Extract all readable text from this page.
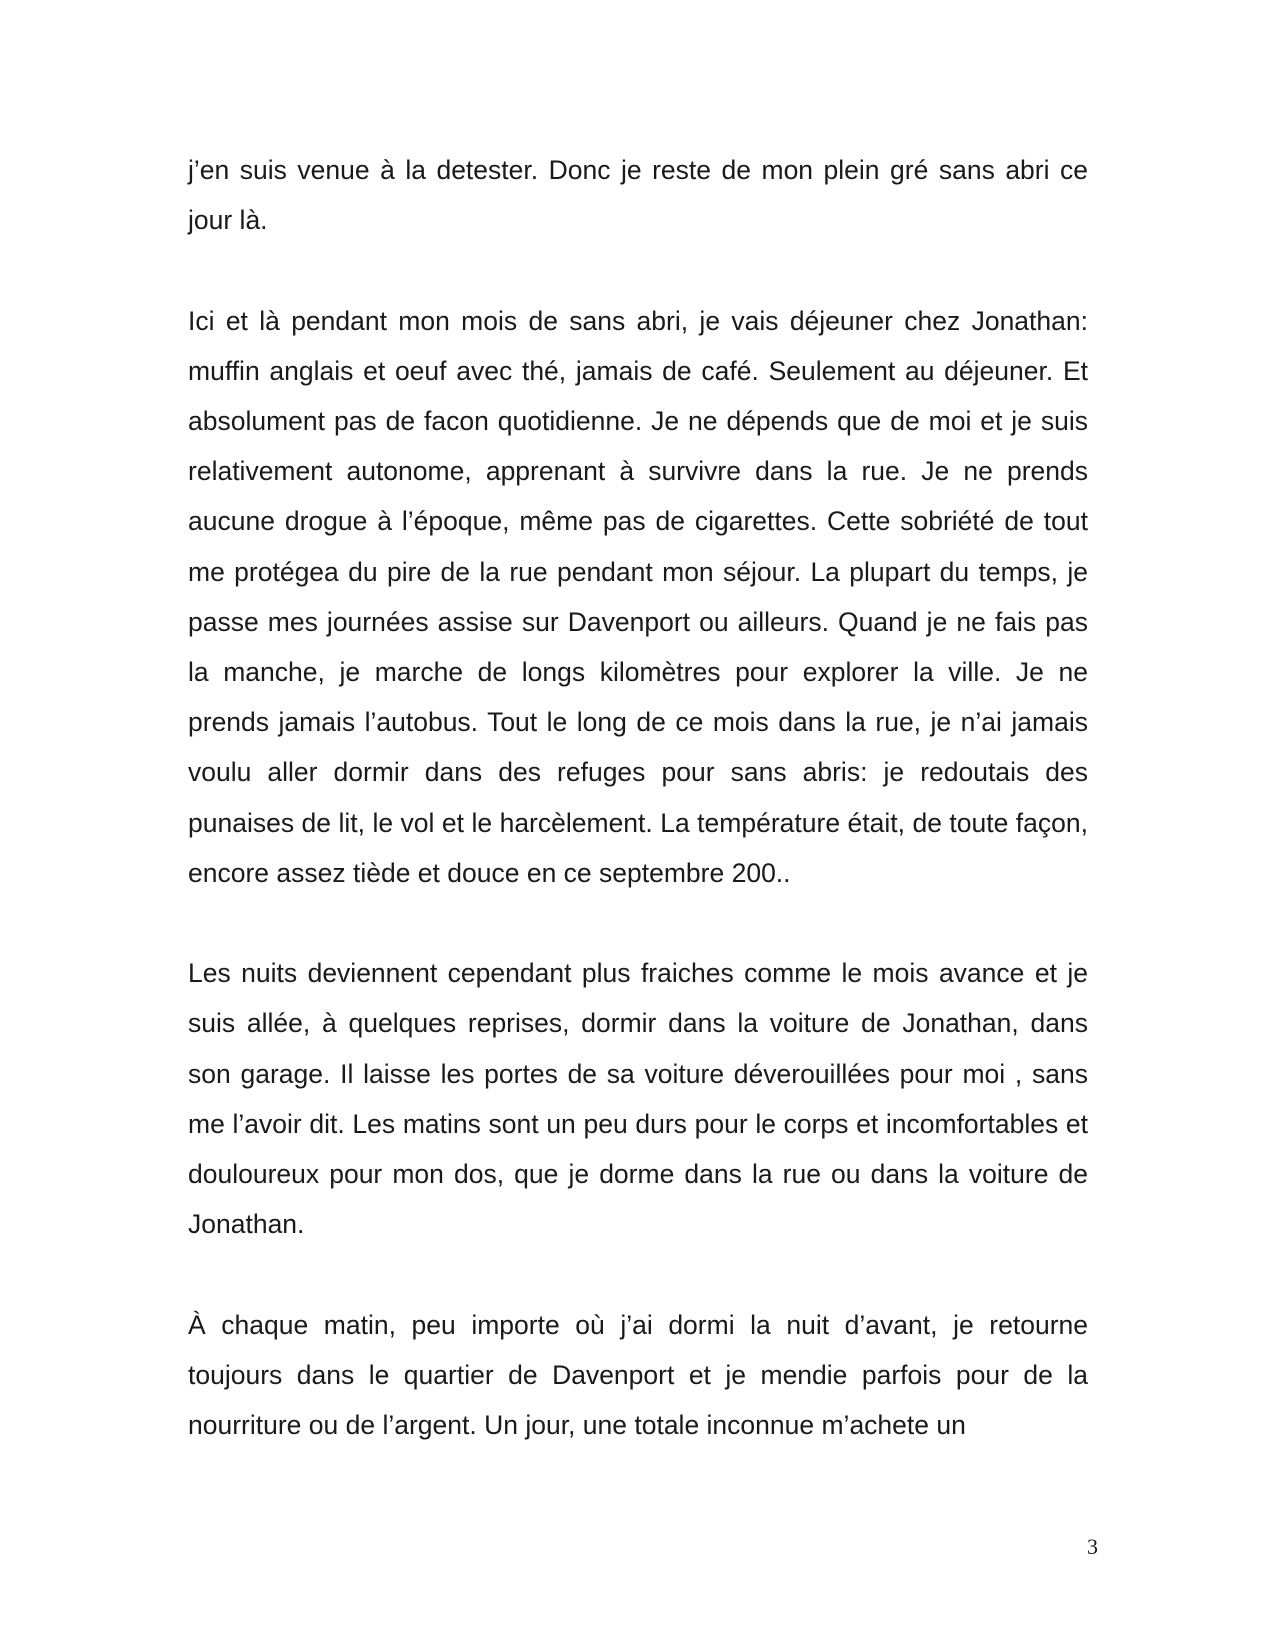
j’en suis venue à la detester. Donc je reste de mon plein gré sans abri ce jour là.

Ici et là pendant mon mois de sans abri, je vais déjeuner chez Jonathan: muffin anglais et oeuf avec thé, jamais de café. Seulement au déjeuner. Et absolument pas de facon quotidienne. Je ne dépends que de moi et je suis relativement autonome, apprenant à survivre dans la rue. Je ne prends aucune drogue à l’époque, même pas de cigarettes. Cette sobriété de tout me protégea du pire de la rue pendant mon séjour. La plupart du temps, je passe mes journées assise sur Davenport ou ailleurs. Quand je ne fais pas la manche, je marche de longs kilomètres pour explorer la ville. Je ne prends jamais l’autobus. Tout le long de ce mois dans la rue, je n’ai jamais voulu aller dormir dans des refuges pour sans abris: je redoutais des punaises de lit, le vol et le harcèlement. La température était, de toute façon, encore assez tiède et douce en ce septembre 200..

Les nuits deviennent cependant plus fraiches comme le mois avance et je suis allée, à quelques reprises, dormir dans la voiture de Jonathan, dans son garage. Il laisse les portes de sa voiture déverouillées pour moi , sans me l’avoir dit. Les matins sont un peu durs pour le corps et incomfortables et douloureux pour mon dos, que je dorme dans la rue ou dans la voiture de Jonathan.

À chaque matin, peu importe où j’ai dormi la nuit d’avant, je retourne toujours dans le quartier de Davenport et je mendie parfois pour de la nourriture ou de l’argent. Un jour, une totale inconnue m’achete un

3
